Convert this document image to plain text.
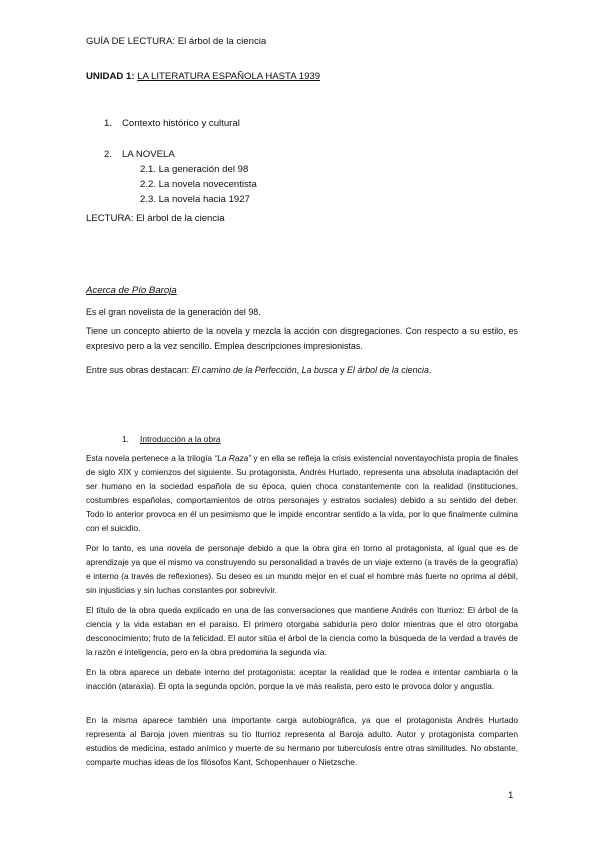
GUÍA DE LECTURA: El árbol de la ciencia
UNIDAD 1: LA LITERATURA ESPAÑOLA HASTA 1939
1. Contexto histórico y cultural
2. LA NOVELA
2.1. La generación del 98
2.2. La novela novecentista
2.3. La novela hacia 1927
LECTURA: El árbol de la ciencia
Acerca de Pío Baroja

Es el gran novelista de la generación del 98.

Tiene un concepto abierto de la novela y mezcla la acción con disgregaciones. Con respecto a su estilo, es expresivo pero a la vez sencillo. Emplea descripciones impresionistas.

Entre sus obras destacan: El camino de la Perfección, La busca y El árbol de la ciencia.

1. Introducción a la obra

Esta novela pertenece a la trilogía “La Raza” y en ella se refleja la crisis existencial noventayochista propia de finales de siglo XIX y comienzos del siguiente. Su protagonista, Andrés Hurtado, representa una absoluta inadaptación del ser humano en la sociedad española de su época, quien choca constantemente con la realidad (instituciones, costumbres españolas, comportamientos de otros personajes y estratos sociales) debido a su sentido del deber. Todo lo anterior provoca en él un pesimismo que le impide encontrar sentido a la vida, por lo que finalmente culmina con el suicidio.

Por lo tanto, es una novela de personaje debido a que la obra gira en torno al protagonista, al igual que es de aprendizaje ya que el mismo va construyendo su personalidad a través de un viaje externo (a través de la geografía) e interno (a través de reflexiones). Su deseo es un mundo mejor en el cual el hombre más fuerte no oprima al débil, sin injusticias y sin luchas constantes por sobrevivir.

El título de la obra queda explicado en una de las conversaciones que mantiene Andrés con Iturrioz: El árbol de la ciencia y la vida estaban en el paraíso. El primero otorgaba sabiduría pero dolor mientras que el otro otorgaba desconocimiento; fruto de la felicidad. El autor sitúa el árbol de la ciencia como la búsqueda de la verdad a través de la razón e inteligencia, pero en la obra predomina la segunda vía.

En la obra aparece un debate interno del protagonista: aceptar la realidad que le rodea e intentar cambiarla o la inacción (ataraxia). Él opta la segunda opción, porque la ve más realista, pero esto le provoca dolor y angustia.

En la misma aparece también una importante carga autobiográfica, ya que el protagonista Andrés Hurtado representa al Baroja joven mientras su tío Iturrioz representa al Baroja adulto. Autor y protagonista comparten estudios de medicina, estado anímico y muerte de su hermano por tuberculosis entre otras similitudes. No obstante, comparte muchas ideas de los filósofos Kant, Schopenhauer o Nietzsche.

1
